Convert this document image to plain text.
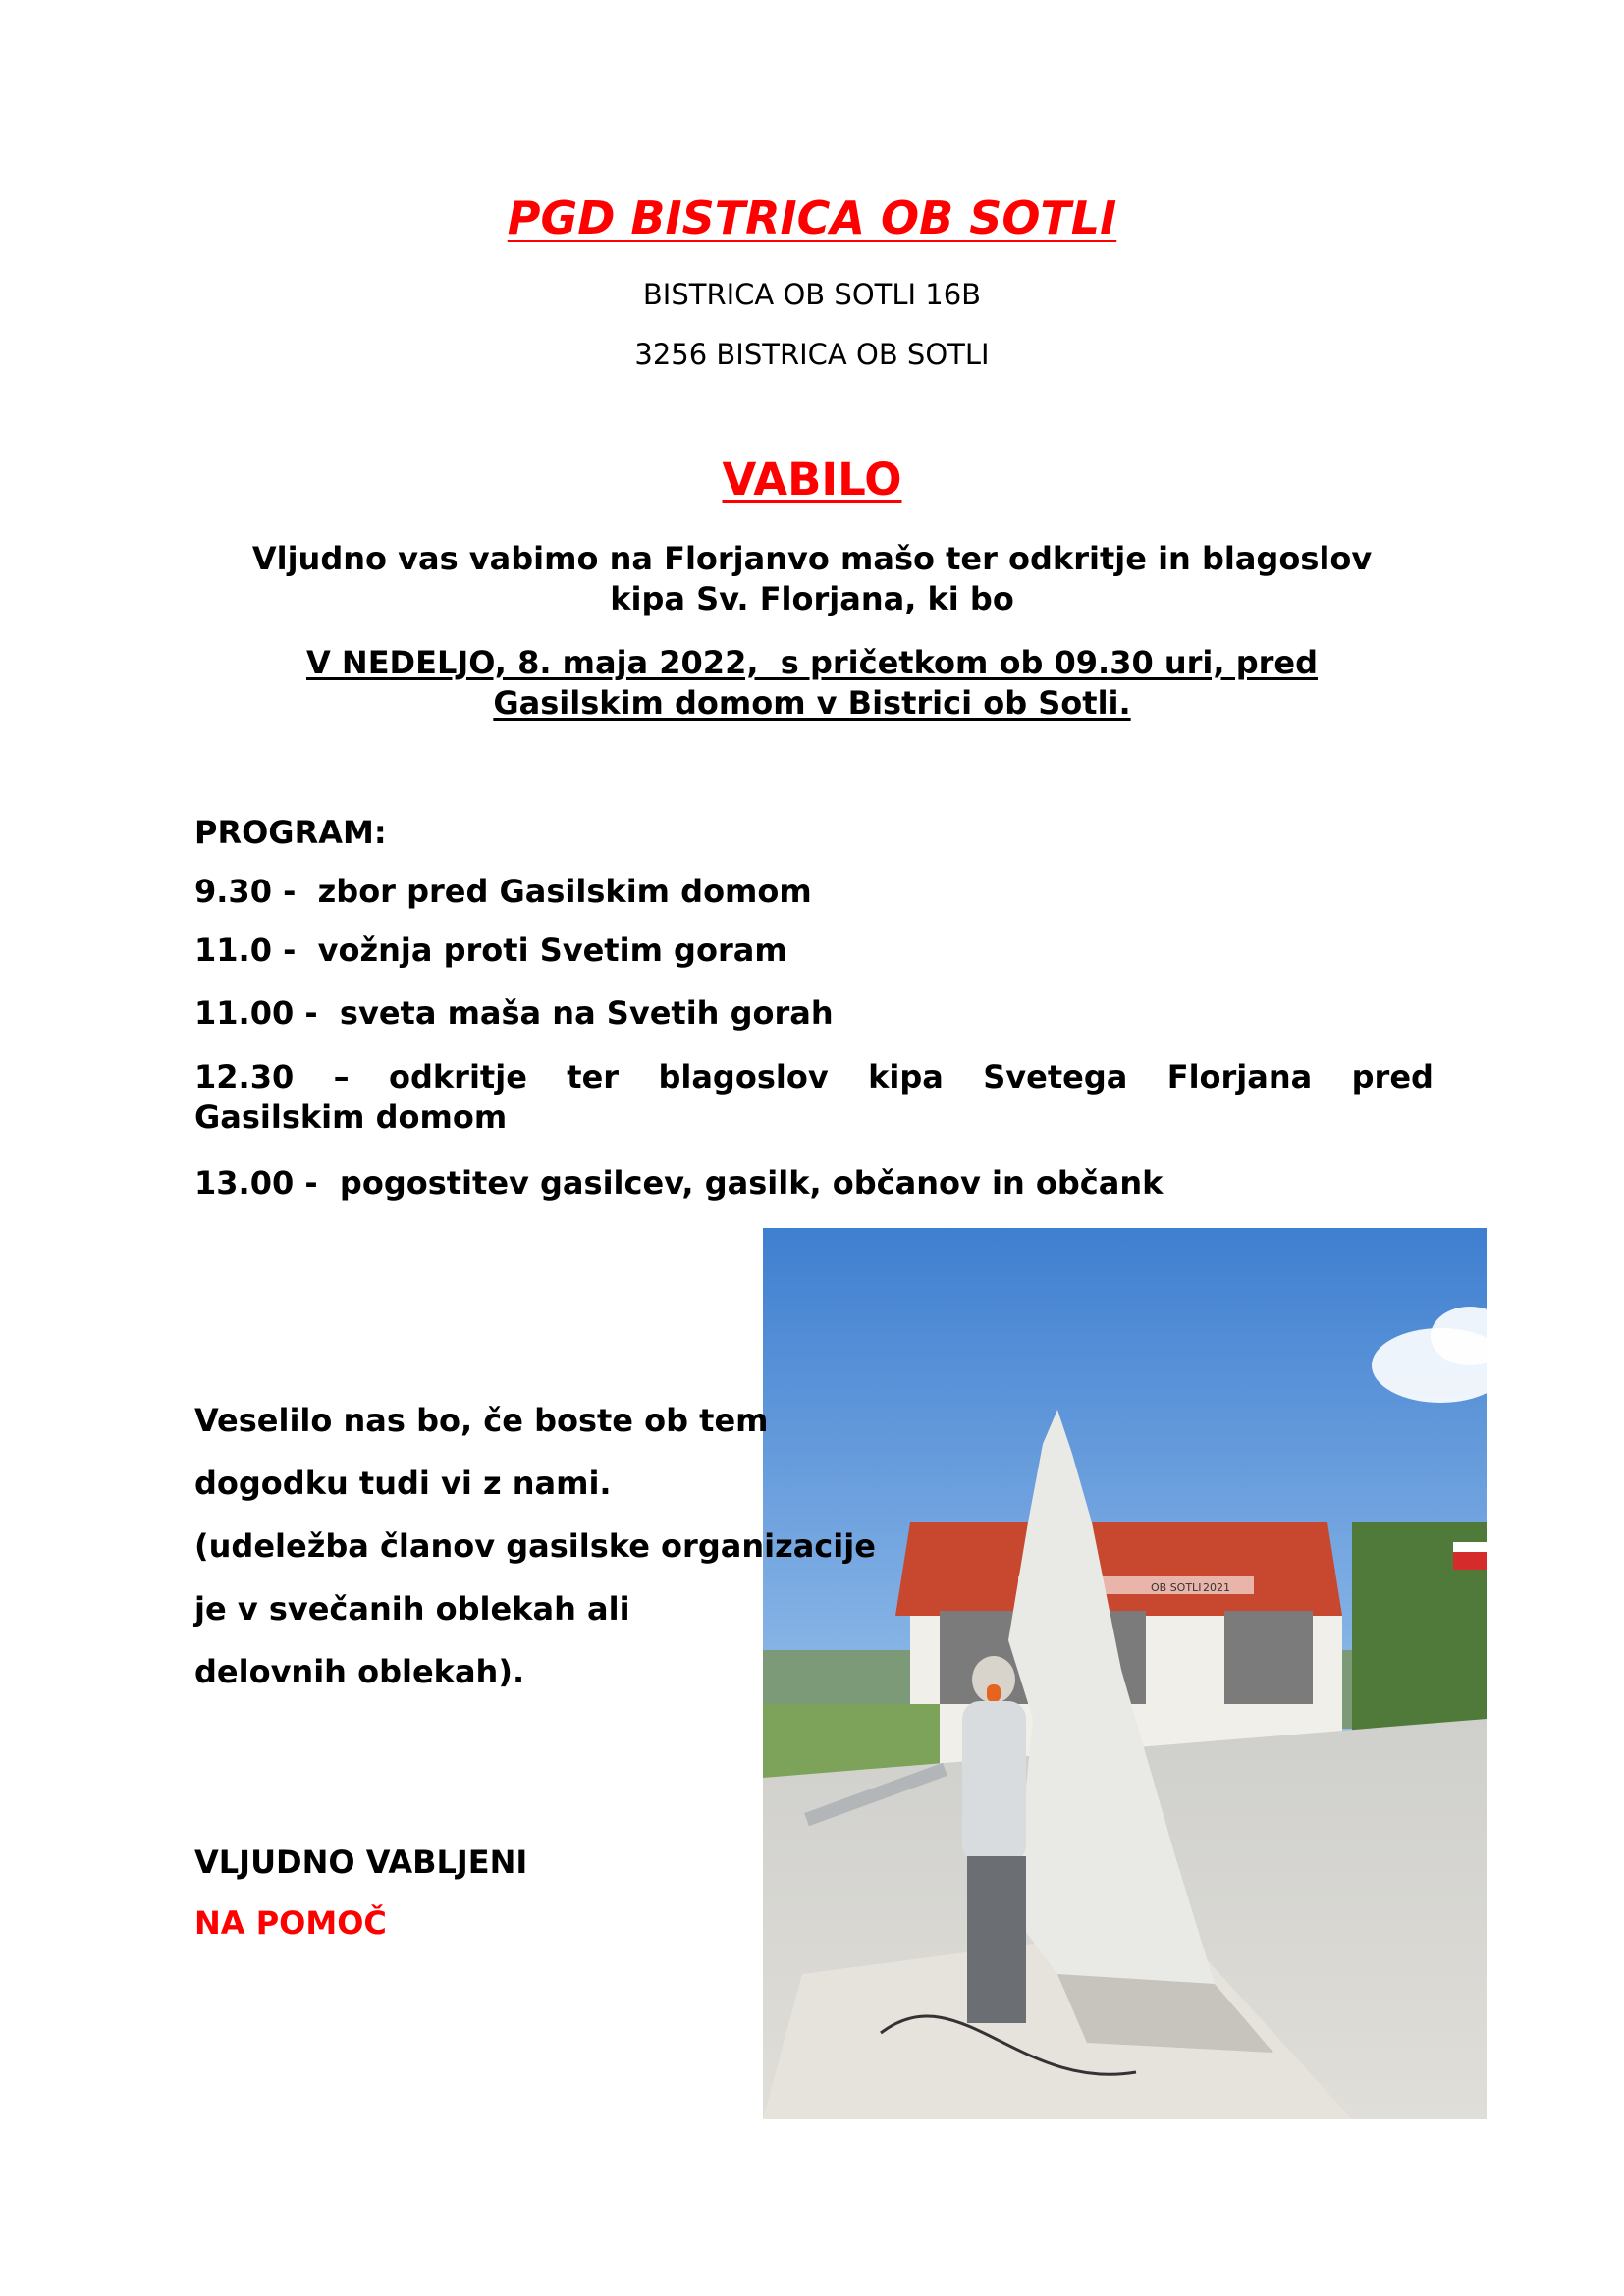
PGD BISTRICA OB SOTLI
BISTRICA OB SOTLI 16B
3256 BISTRICA OB SOTLI
VABILO
Vljudno vas vabimo na Florjanvo mašo ter odkritje in blagoslov
kipa Sv. Florjana, ki bo
V NEDELJO, 8. maja 2022,  s pričetkom ob 09.30 uri, pred
Gasilskim domom v Bistrici ob Sotli.
PROGRAM:
9.30 -  zbor pred Gasilskim domom
11.0 -  vožnja proti Svetim goram
11.00 -  sveta maša na Svetih gorah
12.30 – odkritje ter blagoslov kipa Svetega Florjana pred
Gasilskim domom
13.00 -  pogostitev gasilcev, gasilk, občanov in občank
OB SOTLI 2021
Veselilo nas bo, če boste ob tem
dogodku tudi vi z nami.
(udeležba članov gasilske organizacije
je v svečanih oblekah ali
delovnih oblekah).
VLJUDNO VABLJENI
NA POMOČ
